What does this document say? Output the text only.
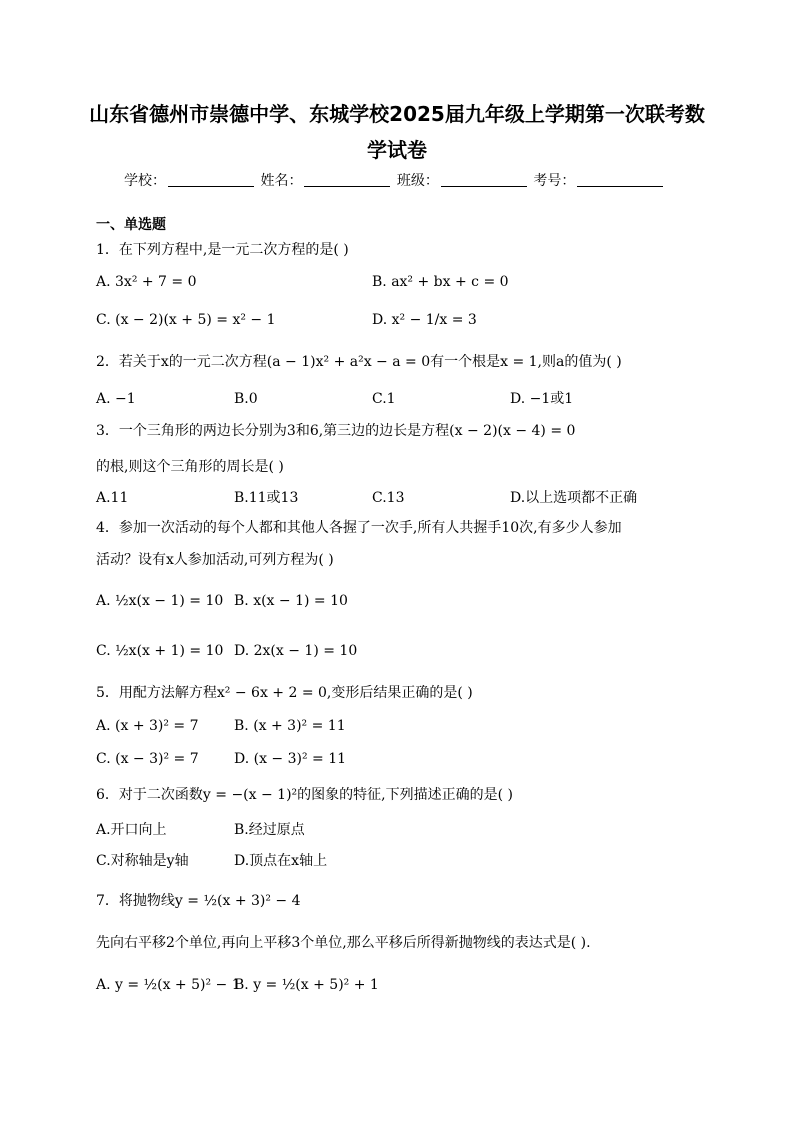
山东省德州市崇德中学、东城学校2025届九年级上学期第一次联考数
学试卷
学校：	姓名：	班级：	考号：
一、单选题
1．在下列方程中,是一元二次方程的是( )
A. 3x² + 7 = 0	B. ax² + bx + c = 0
C. (x − 2)(x + 5) = x² − 1	D. x² − 1/x = 3
2．若关于x的一元二次方程(a − 1)x² + a²x − a = 0有一个根是x = 1,则a的值为( )
A. −1	B.0	C.1	D. −1或1
3．一个三角形的两边长分别为3和6,第三边的边长是方程(x − 2)(x − 4) = 0
的根,则这个三角形的周长是( )
A.11	B.11或13	C.13	D.以上选项都不正确
4．参加一次活动的每个人都和其他人各握了一次手,所有人共握手10次,有多少人参加
活动？设有x人参加活动,可列方程为( )
A. ½x(x − 1) = 10 B. x(x − 1) = 10
C. ½x(x + 1) = 10 D. 2x(x − 1) = 10
5．用配方法解方程x² − 6x + 2 = 0,变形后结果正确的是( )
A. (x + 3)² = 7	B. (x + 3)² = 11
C. (x − 3)² = 7	D. (x − 3)² = 11
6．对于二次函数y = −(x − 1)²的图象的特征,下列描述正确的是( )
A.开口向上	B.经过原点
C.对称轴是y轴	D.顶点在x轴上
7．将抛物线y = ½(x + 3)² − 4
先向右平移2个单位,再向上平移3个单位,那么平移后所得新抛物线的表达式是( ).
A. y = ½(x + 5)² − 1
B. y = ½(x + 5)² + 1
